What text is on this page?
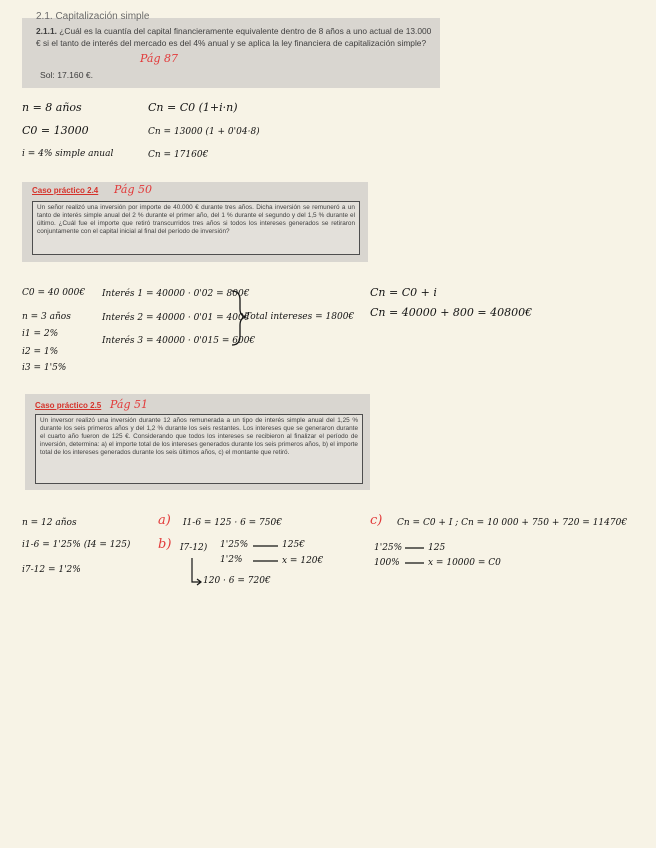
2.1. Capitalización simple
2.1.1. ¿Cuál es la cuantía del capital financieramente equivalente dentro de 8 años a uno actual de 13.000 € si el tanto de interés del mercado es del 4% anual y se aplica la ley financiera de capitalización simple?
Pág 87
Sol: 17.160 €.
n = 8 años
C0 = 13000
i = 4% simple anual
Cn = C0 (1+i·n)
Cn = 13000 (1 + 0'04·8)
Cn = 17160€
Caso práctico 2.4 Pág 50
Un señor realizó una inversión por importe de 40.000 € durante tres años. Dicha inversión se remuneró a un tanto de interés simple anual del 2 % durante el primer año, del 1 % durante el segundo y del 1,5 % durante el último. ¿Cuál fue el importe que retiró transcurridos tres años si todos los intereses generados se retiraron conjuntamente con el capital inicial al final del período de inversión?
C0 = 40 000€
n = 3 años
i1 = 2%
i2 = 1%
i3 = 1'5%
Interés 1 = 40000 · 0'02 = 800€
Interés 2 = 40000 · 0'01 = 400€
Interés 3 = 40000 · 0'015 = 600€
Total intereses = 1800€
Cn = C0 + i
Cn = 40000 + 800 = 40800€
Caso práctico 2.5 Pág 51
Un inversor realizó una inversión durante 12 años remunerada a un tipo de interés simple anual del 1,25 % durante los seis primeros años y del 1,2 % durante los seis restantes. Los intereses que se generaron durante el cuarto año fueron de 125 €. Considerando que todos los intereses se recibieron al finalizar el período de inversión, determina: a) el importe total de los intereses generados durante los seis primeros años, b) el importe total de los intereses generados durante los seis últimos años, c) el montante que retiró.
n = 12 años
i1-6 = 1'25% (I4 = 125)
i7-12 = 1'2%
a) I1-6 = 125 · 6 = 750€
b) I7-12) 1'25%	125€
1'2%	x = 120€
120 · 6 = 720€
c) Cn = C0 + I ; Cn = 10 000 + 750 + 720 = 11470€
1'25%	125
100%	x = 10000 = C0
